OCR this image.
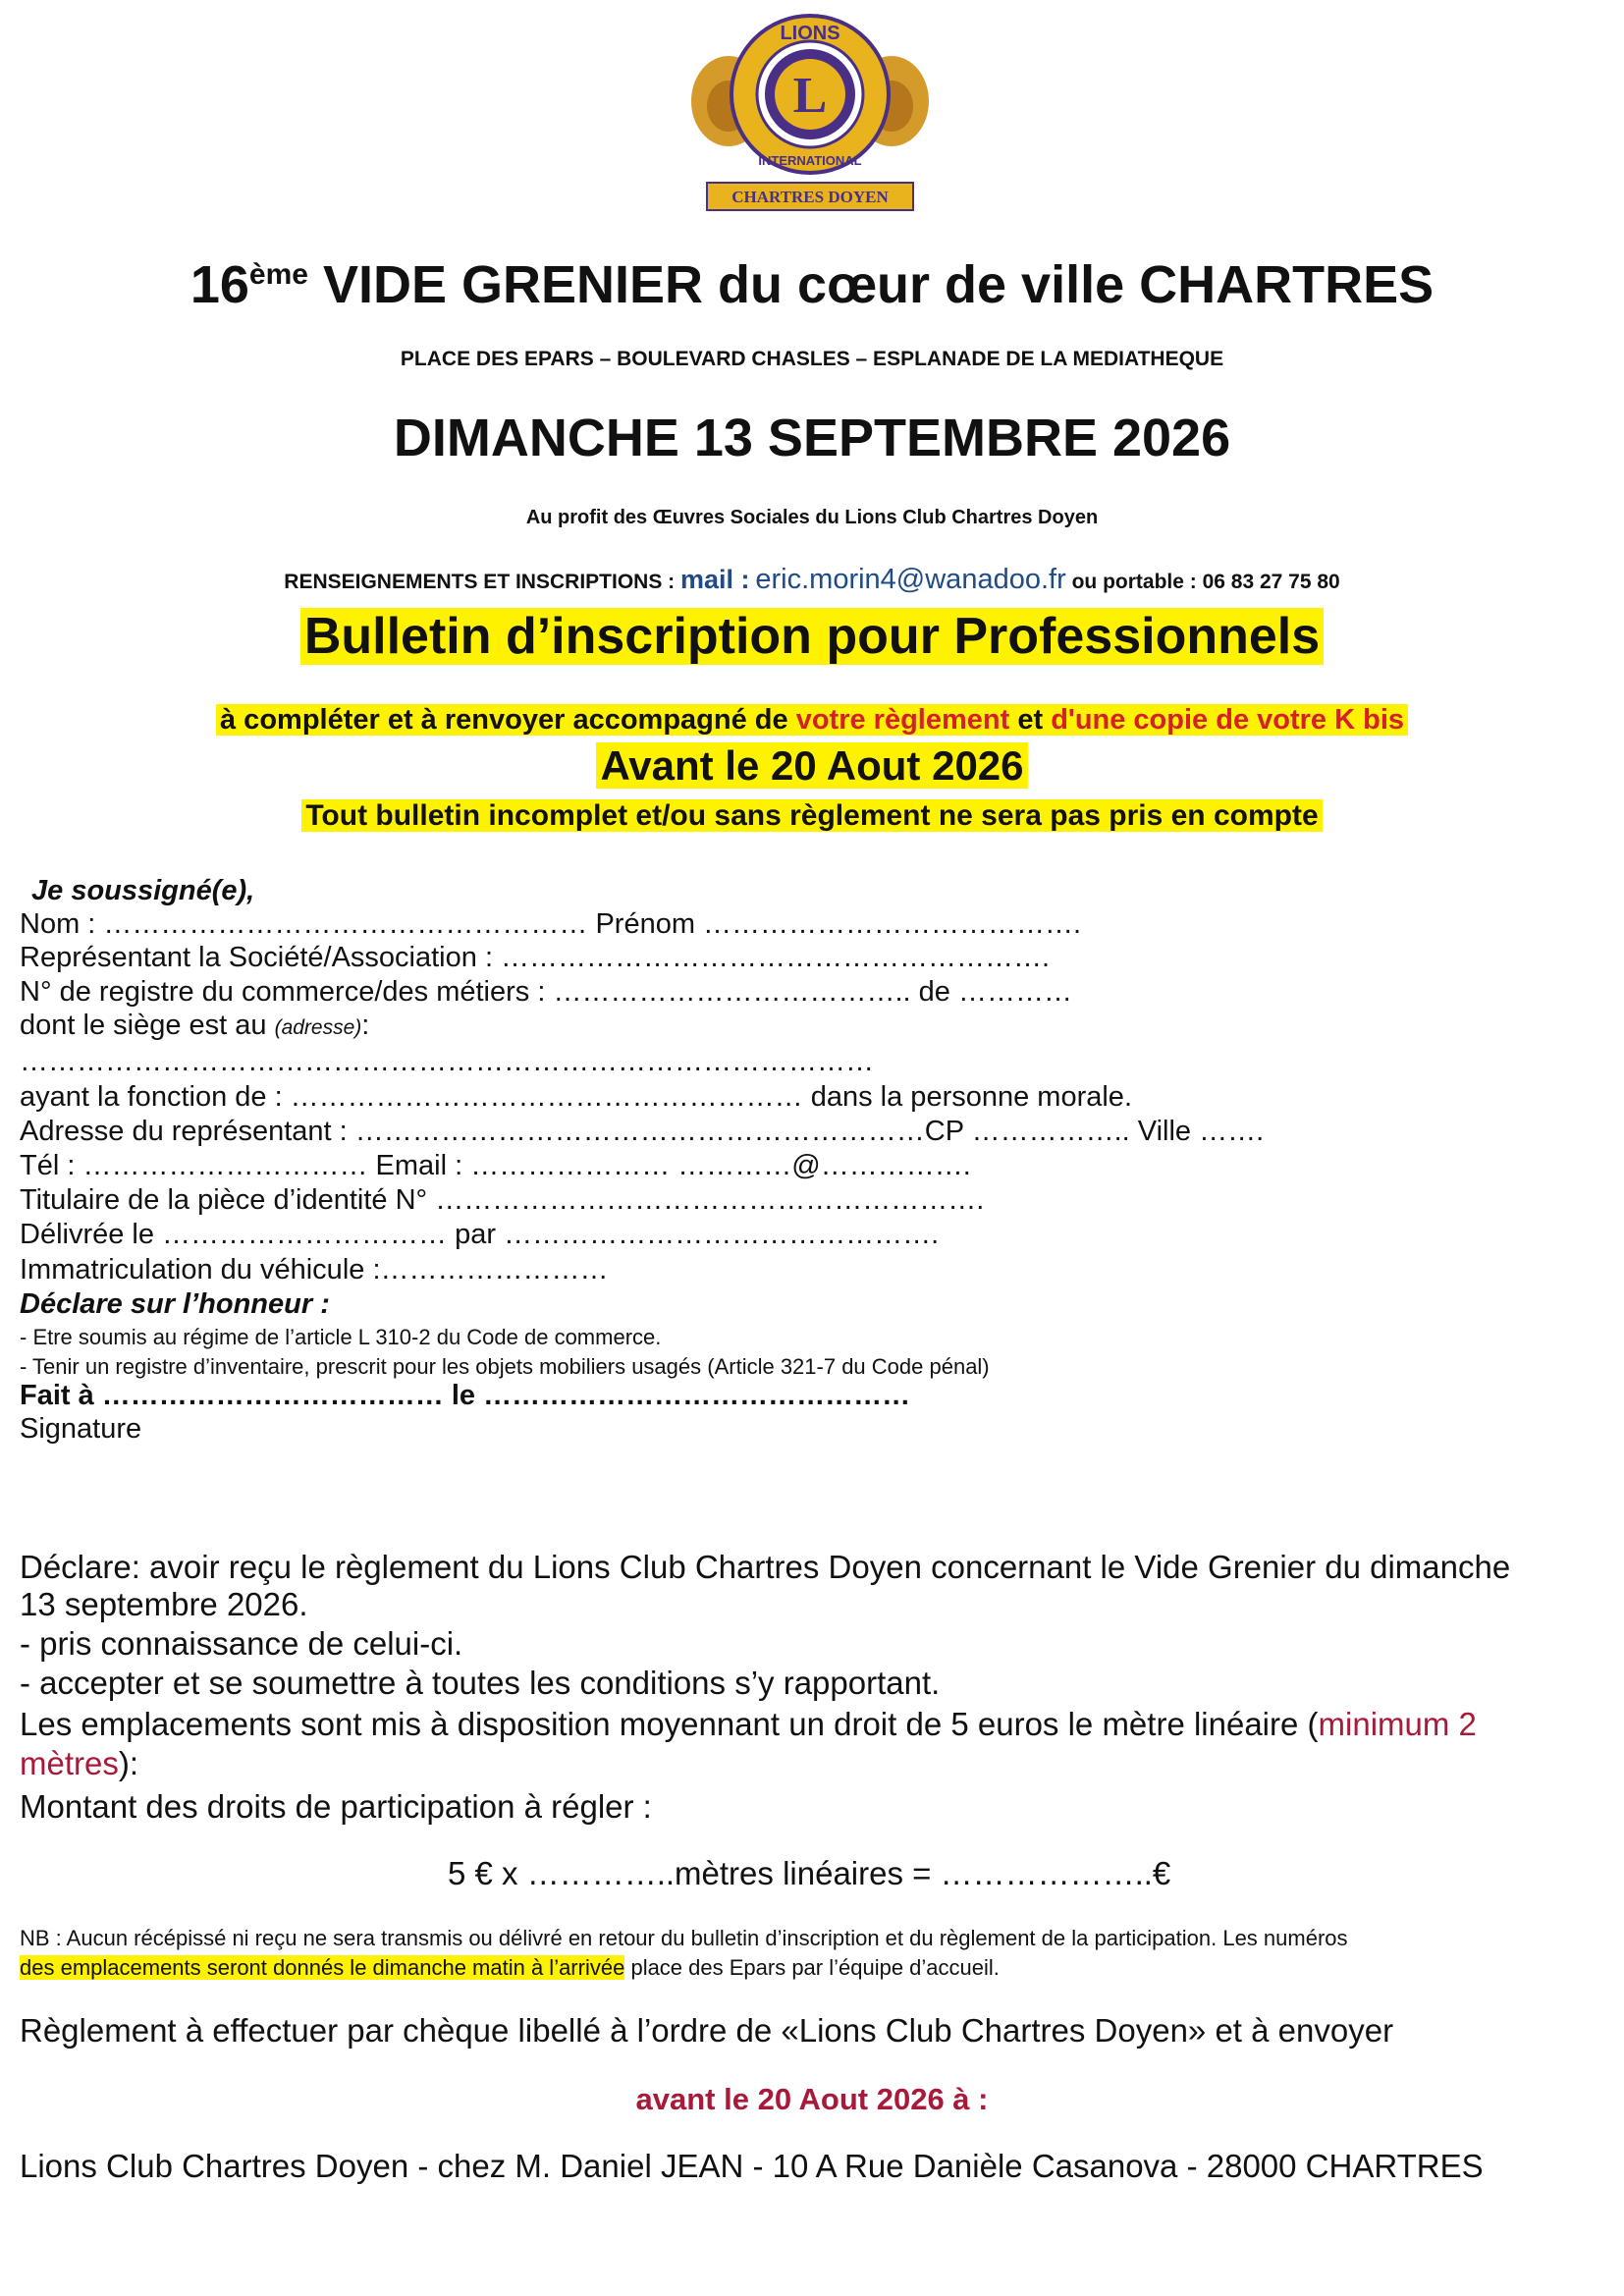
L
LIONS
INTERNATIONAL
CHARTRES DOYEN
16ème VIDE GRENIER du cœur de ville CHARTRES
PLACE DES EPARS – BOULEVARD CHASLES – ESPLANADE DE LA MEDIATHEQUE
DIMANCHE 13 SEPTEMBRE 2026
Au profit des Œuvres Sociales du Lions Club Chartres Doyen
RENSEIGNEMENTS ET INSCRIPTIONS : mail : eric.morin4@wanadoo.fr ou portable : 06 83 27 75 80
Bulletin d’inscription pour Professionnels
à compléter et à renvoyer accompagné de votre règlement et d'une copie de votre K bis
Avant le 20 Aout 2026
Tout bulletin incomplet et/ou sans règlement ne sera pas pris en compte
Je soussigné(e),
Nom : …………………………………………… Prénom ………………………………….
Représentant la Société/Association : ………………………………………………….
N° de registre du commerce/des métiers : ……………………………….. de …………
dont le siège est au (adresse):
………………………………………………………………………………
ayant la fonction de : ……………………………………………… dans la personne morale.
Adresse du représentant : ……………………………………………………CP …………….. Ville …….
Tél : ………………………… Email : ………………… …………@…………….
Titulaire de la pièce d’identité N° ………………………………………………….
Délivrée le ………………………… par ……………………………………….
Immatriculation du véhicule :……………………
Déclare sur l’honneur :
- Etre soumis au régime de l’article L 310-2 du Code de commerce.
- Tenir un registre d’inventaire, prescrit pour les objets mobiliers usagés (Article 321-7 du Code pénal)
Fait à ……………………………… le ………………………………………
Signature
Déclare: avoir reçu le règlement du Lions Club Chartres Doyen concernant le Vide Grenier du dimanche
13 septembre 2026.
- pris connaissance de celui-ci.
- accepter et se soumettre à toutes les conditions s’y rapportant.
Les emplacements sont mis à disposition moyennant un droit de 5 euros le mètre linéaire (minimum 2
mètres):
Montant des droits de participation à régler :
5 € x …………..mètres linéaires = ………………..€
NB : Aucun récépissé ni reçu ne sera transmis ou délivré en retour du bulletin d’inscription et du règlement de la participation. Les numéros
des emplacements seront donnés le dimanche matin à l’arrivée place des Epars par l’équipe d’accueil.
Règlement à effectuer par chèque libellé à l’ordre de «Lions Club Chartres Doyen» et à envoyer
avant le 20 Aout 2026 à :
Lions Club Chartres Doyen - chez M. Daniel JEAN - 10 A Rue Danièle Casanova - 28000 CHARTRES
